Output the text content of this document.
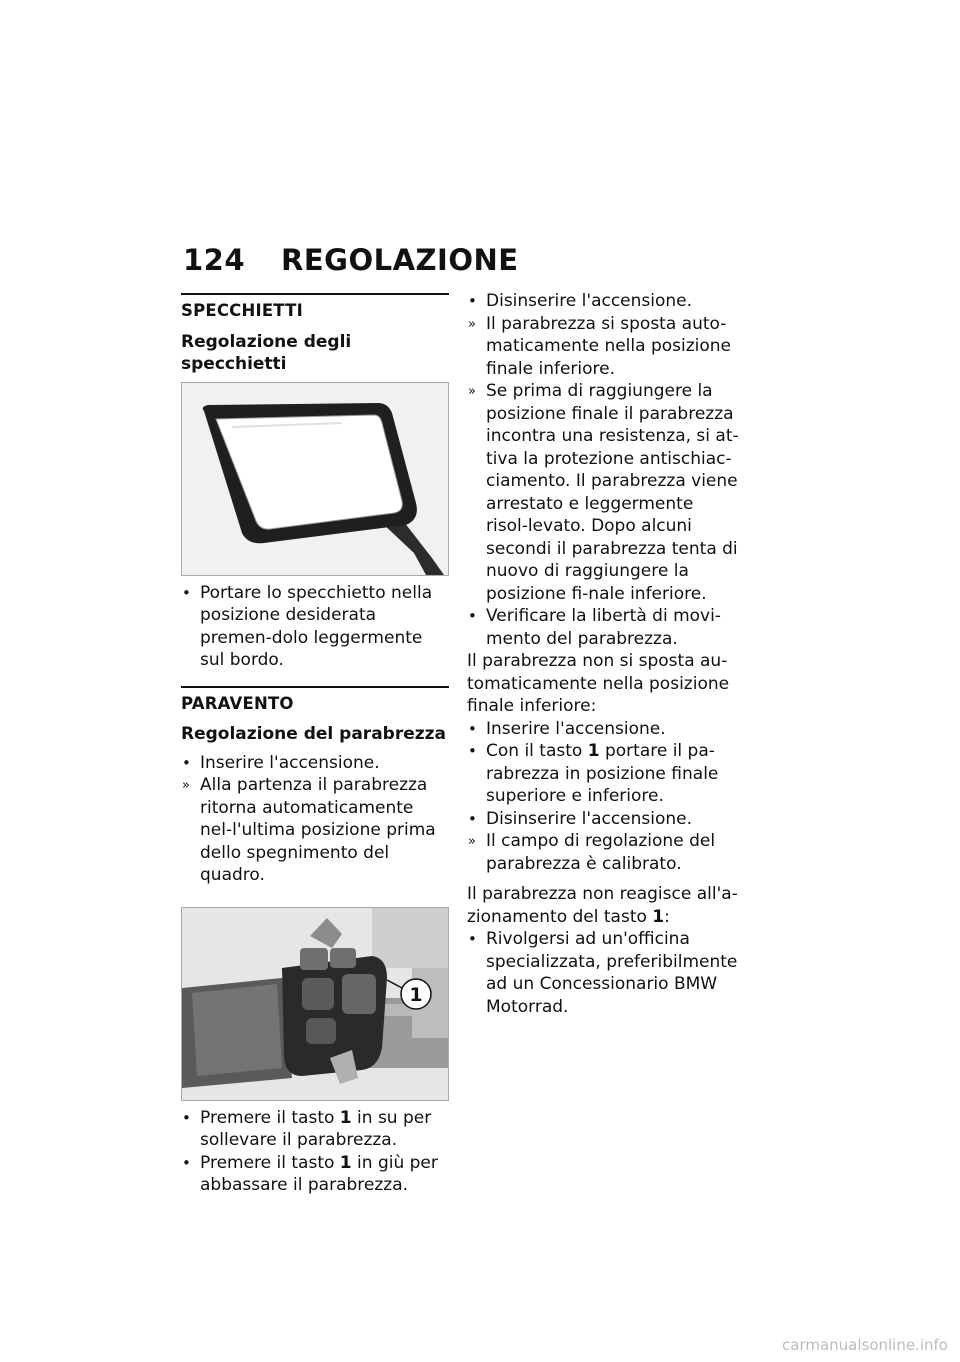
124 REGOLAZIONE
SPECCHIETTI
Regolazione degli specchietti
• Portare lo specchietto nella posizione desiderata premen-dolo leggermente sul bordo.
PARAVENTO
Regolazione del parabrezza
• Inserire l'accensione.
» Alla partenza il parabrezza ritorna automaticamente nel-l'ultima posizione prima dello spegnimento del quadro.
1
• Premere il tasto 1 in su per sollevare il parabrezza.
• Premere il tasto 1 in giù per abbassare il parabrezza.
• Disinserire l'accensione.
» Il parabrezza si sposta auto-maticamente nella posizione finale inferiore.
» Se prima di raggiungere la posizione finale il parabrezza incontra una resistenza, si at-tiva la protezione antischiac-ciamento. Il parabrezza viene arrestato e leggermente risol-levato. Dopo alcuni secondi il parabrezza tenta di nuovo di raggiungere la posizione fi-nale inferiore.
• Verificare la libertà di movi-mento del parabrezza.

Il parabrezza non si sposta au-tomaticamente nella posizione finale inferiore:

• Inserire l'accensione.
• Con il tasto 1 portare il pa-rabrezza in posizione finale superiore e inferiore.
• Disinserire l'accensione.
» Il campo di regolazione del parabrezza è calibrato.

Il parabrezza non reagisce all'a-zionamento del tasto 1:

• Rivolgersi ad un'officina specializzata, preferibilmente ad un Concessionario BMW Motorrad.
carmanualsonline.info
